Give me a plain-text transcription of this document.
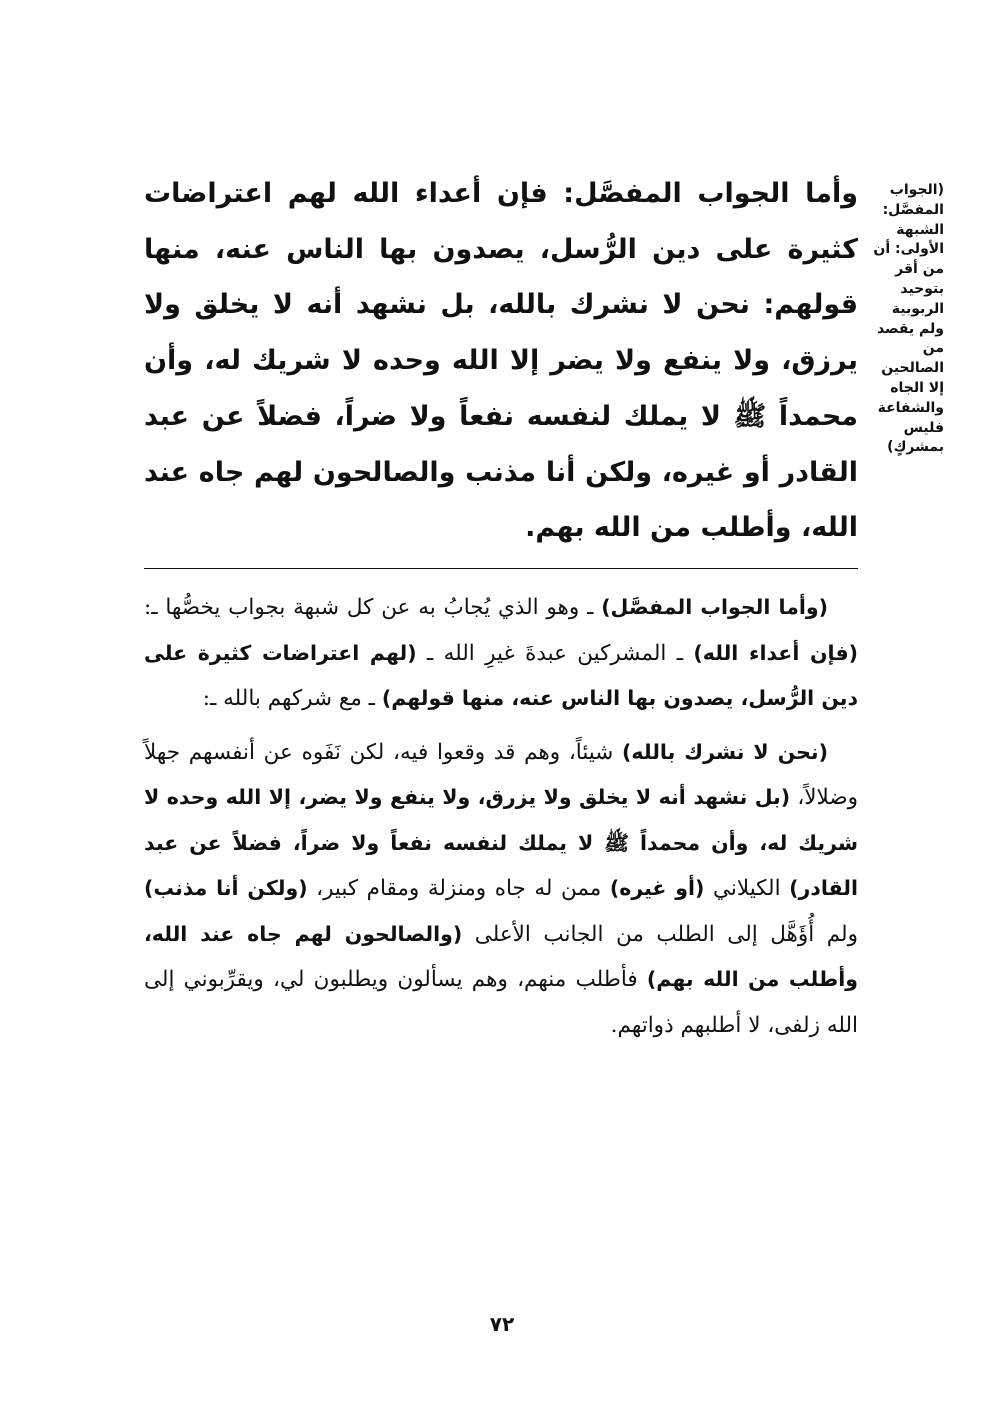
(الجواب
المفصَّل:
الشبهة
الأولى: أن
من أقر
بتوحيد
الربوبية
ولم يقصد
من
الصالحين
إلا الجاه
والشفاعة
فليس
بمشركٍ)
وأما الجواب المفصَّل: فإن أعداء الله لهم اعتراضات كثيرة على دين الرُّسل، يصدون بها الناس عنه، منها قولهم: نحن لا نشرك بالله، بل نشهد أنه لا يخلق ولا يرزق، ولا ينفع ولا يضر إلا الله وحده لا شريك له، وأن محمداً ﷺ لا يملك لنفسه نفعاً ولا ضراً، فضلاً عن عبد القادر أو غيره، ولكن أنا مذنب والصالحون لهم جاه عند الله، وأطلب من الله بهم.

(وأما الجواب المفصَّل) ـ وهو الذي يُجابُ به عن كل شبهة بجواب يخصُّها ـ: (فإن أعداء الله) ـ المشركين عبدةَ غيرِ الله ـ (لهم اعتراضات كثيرة على دين الرُّسل، يصدون بها الناس عنه، منها قولهم) ـ مع شركهم بالله ـ:

(نحن لا نشرك بالله) شيئاً، وهم قد وقعوا فيه، لكن نَفَوه عن أنفسهم جهلاً وضلالاً، (بل نشهد أنه لا يخلق ولا يزرق، ولا ينفع ولا يضر، إلا الله وحده لا شريك له، وأن محمداً ﷺ لا يملك لنفسه نفعاً ولا ضراً، فضلاً عن عبد القادر) الكيلاني (أو غيره) ممن له جاه ومنزلة ومقام كبير، (ولكن أنا مذنب) ولم أُؤَهَّل إلى الطلب من الجانب الأعلى (والصالحون لهم جاه عند الله، وأطلب من الله بهم) فأطلب منهم، وهم يسألون ويطلبون لي، ويقرِّبوني إلى الله زلفى، لا أطلبهم ذواتهم.

٧٢
